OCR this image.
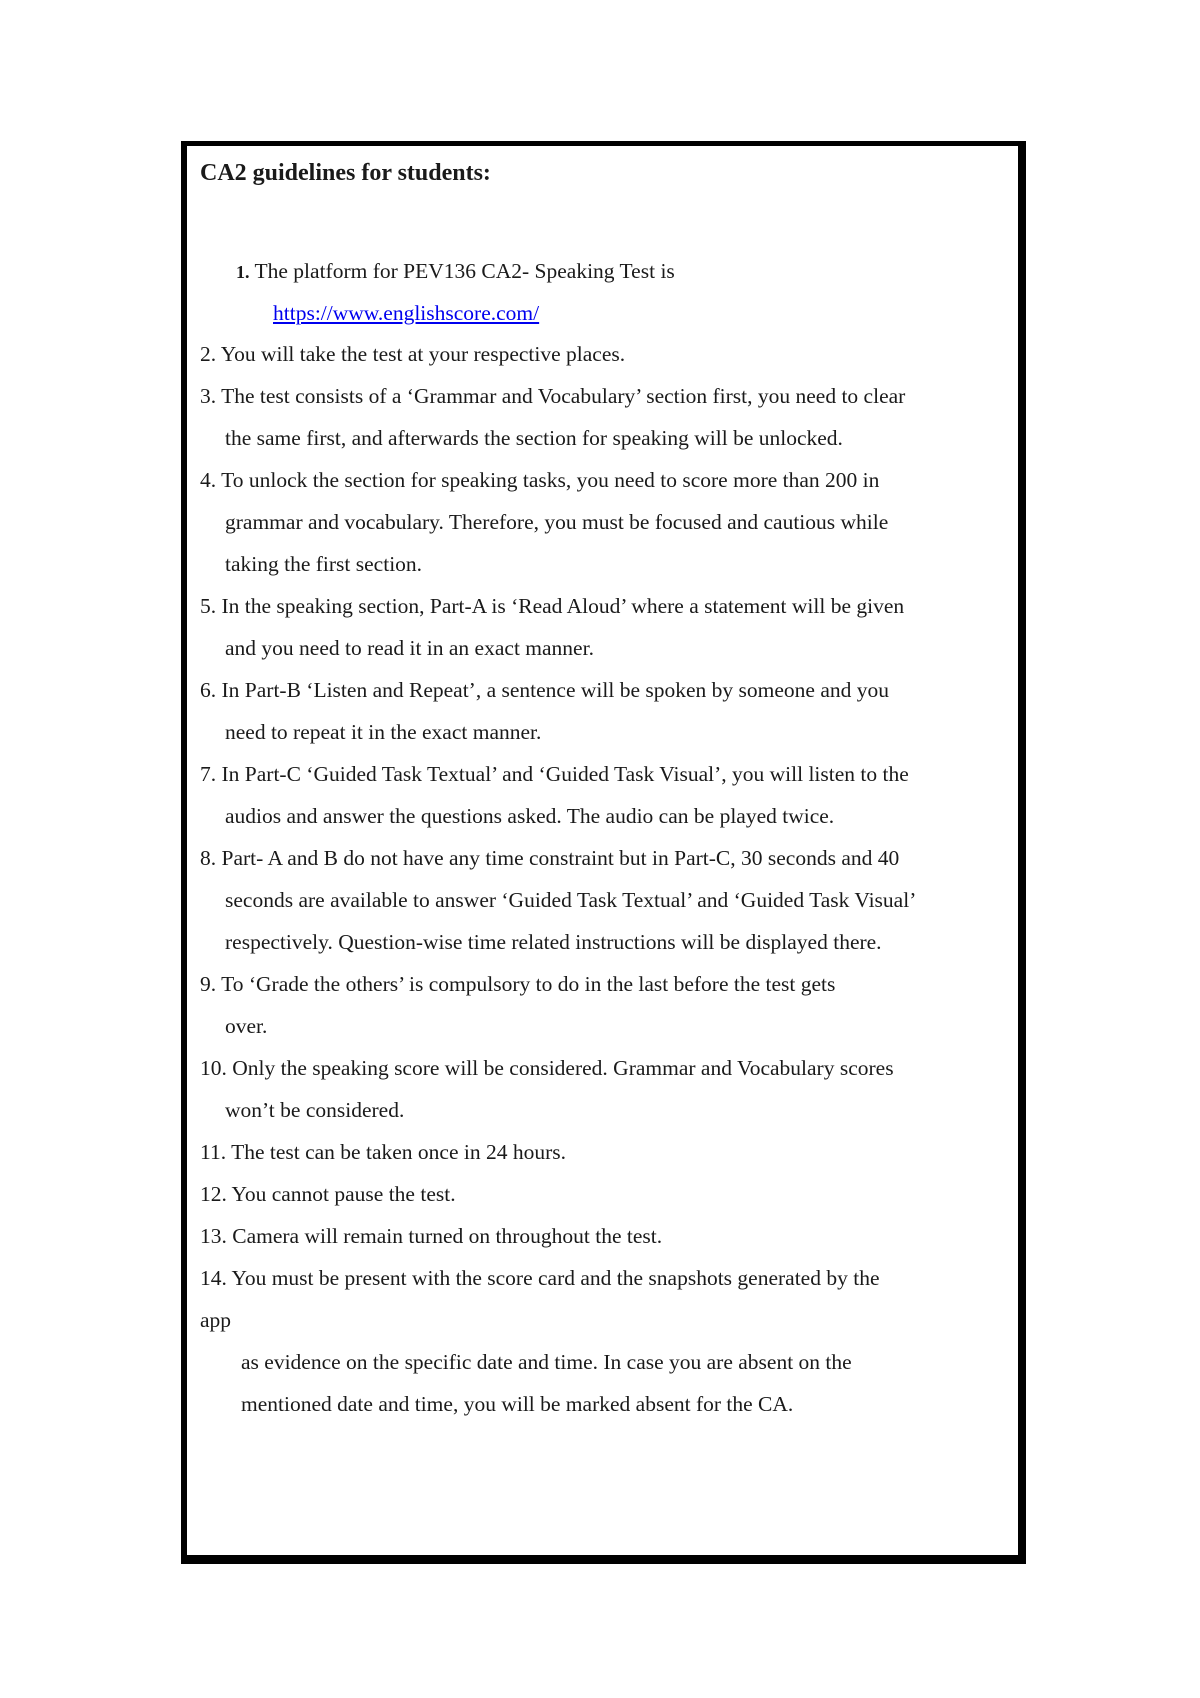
CA2 guidelines for students:
1. The platform for PEV136 CA2- Speaking Test is
https://www.englishscore.com/
2. You will take the test at your respective places.
3. The test consists of a ‘Grammar and Vocabulary’ section first, you need to clear
the same first, and afterwards the section for speaking will be unlocked.
4. To unlock the section for speaking tasks, you need to score more than 200 in
grammar and vocabulary. Therefore, you must be focused and cautious while
taking the first section.
5. In the speaking section, Part-A is ‘Read Aloud’ where a statement will be given
and you need to read it in an exact manner.
6. In Part-B ‘Listen and Repeat’, a sentence will be spoken by someone and you
need to repeat it in the exact manner.
7. In Part-C ‘Guided Task Textual’ and ‘Guided Task Visual’, you will listen to the
audios and answer the questions asked. The audio can be played twice.
8. Part- A and B do not have any time constraint but in Part-C, 30 seconds and 40
seconds are available to answer ‘Guided Task Textual’ and ‘Guided Task Visual’
respectively. Question-wise time related instructions will be displayed there.
9. To ‘Grade the others’ is compulsory to do in the last before the test gets
over.
10. Only the speaking score will be considered. Grammar and Vocabulary scores
won’t be considered.
11. The test can be taken once in 24 hours.
12. You cannot pause the test.
13. Camera will remain turned on throughout the test.
14. You must be present with the score card and the snapshots generated by the
app
as evidence on the specific date and time. In case you are absent on the
mentioned date and time, you will be marked absent for the CA.
